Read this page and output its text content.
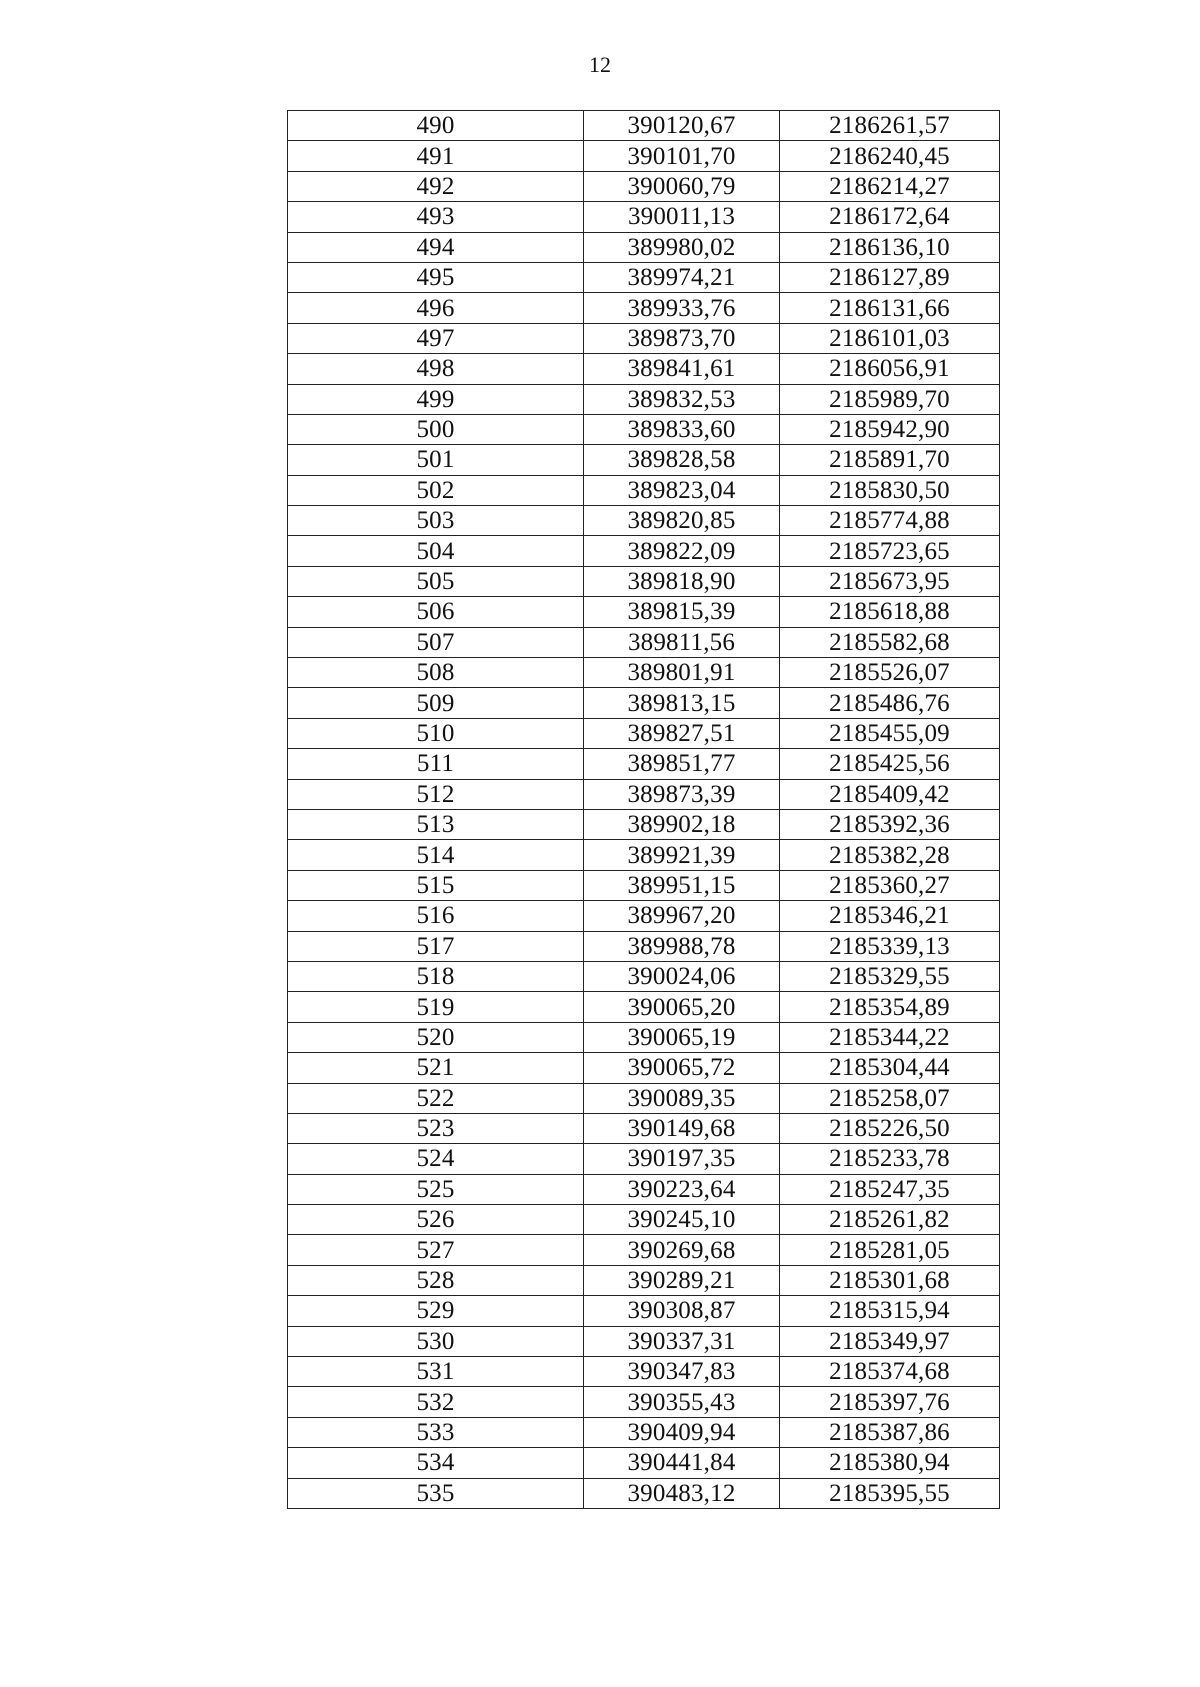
12
490	390120,67	2186261,57
491	390101,70	2186240,45
492	390060,79	2186214,27
493	390011,13	2186172,64
494	389980,02	2186136,10
495	389974,21	2186127,89
496	389933,76	2186131,66
497	389873,70	2186101,03
498	389841,61	2186056,91
499	389832,53	2185989,70
500	389833,60	2185942,90
501	389828,58	2185891,70
502	389823,04	2185830,50
503	389820,85	2185774,88
504	389822,09	2185723,65
505	389818,90	2185673,95
506	389815,39	2185618,88
507	389811,56	2185582,68
508	389801,91	2185526,07
509	389813,15	2185486,76
510	389827,51	2185455,09
511	389851,77	2185425,56
512	389873,39	2185409,42
513	389902,18	2185392,36
514	389921,39	2185382,28
515	389951,15	2185360,27
516	389967,20	2185346,21
517	389988,78	2185339,13
518	390024,06	2185329,55
519	390065,20	2185354,89
520	390065,19	2185344,22
521	390065,72	2185304,44
522	390089,35	2185258,07
523	390149,68	2185226,50
524	390197,35	2185233,78
525	390223,64	2185247,35
526	390245,10	2185261,82
527	390269,68	2185281,05
528	390289,21	2185301,68
529	390308,87	2185315,94
530	390337,31	2185349,97
531	390347,83	2185374,68
532	390355,43	2185397,76
533	390409,94	2185387,86
534	390441,84	2185380,94
535	390483,12	2185395,55
